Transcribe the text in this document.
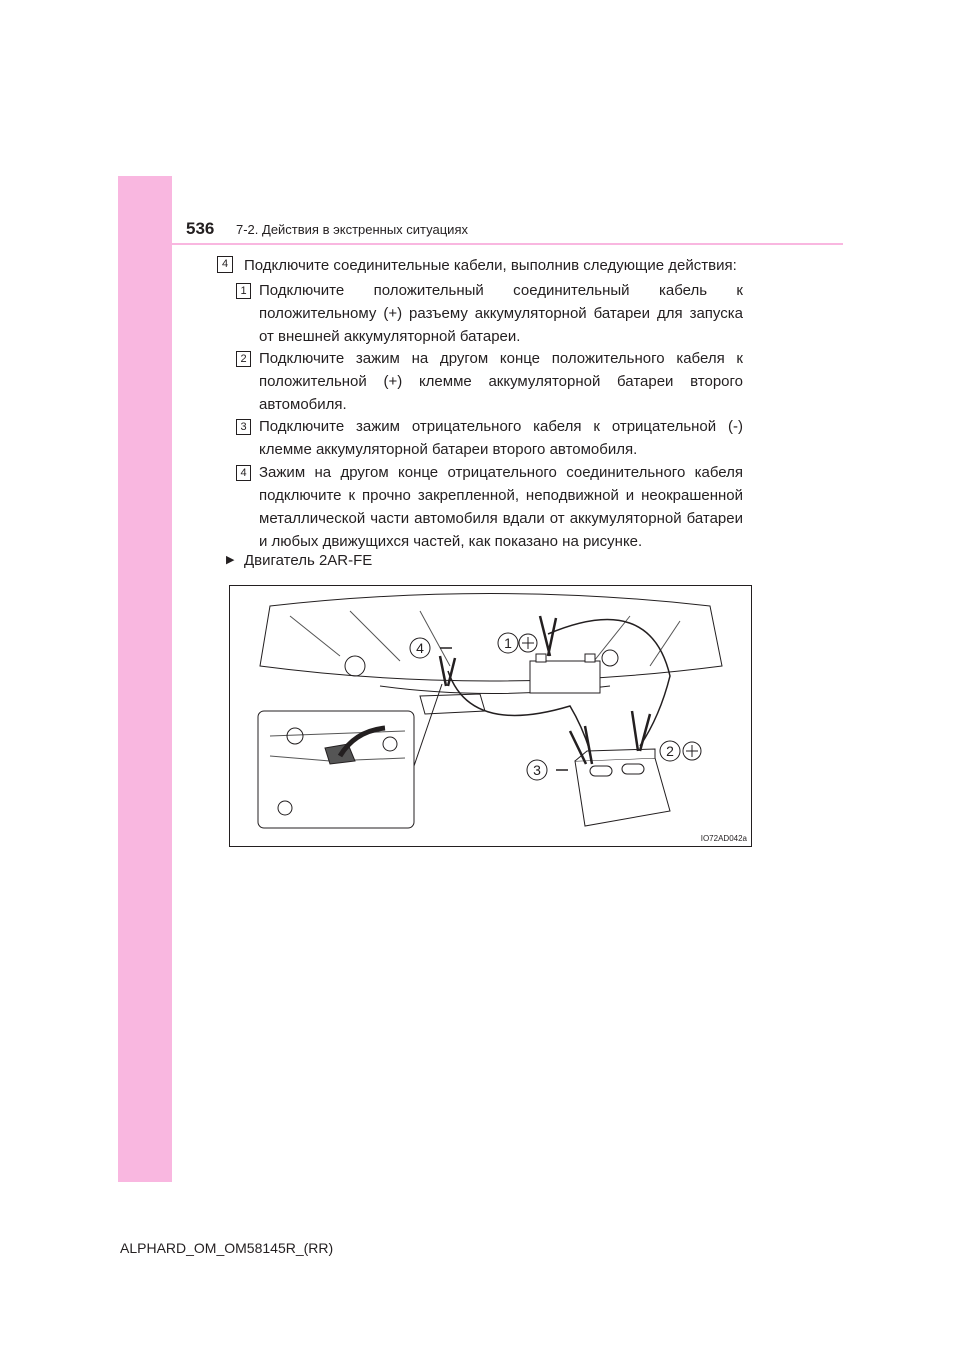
536 7-2. Действия в экстренных ситуациях
4	Подключите соединительные кабели, выполнив следующие действия:
1 Подключите положительный соединительный кабель к положительному (+) разъему аккумуляторной батареи для запуска от внешней аккумуляторной батареи.

2 Подключите зажим на другом конце положительного кабеля к положительной (+) клемме аккумуляторной батареи второго автомобиля.

3 Подключите зажим отрицательного кабеля к отрицательной (-) клемме аккумуляторной батареи второго автомобиля.

4 Зажим на другом конце отрицательного соединительного кабеля подключите к прочно закрепленной, неподвижной и неокрашенной металлической части автомобиля вдали от аккумуляторной батареи и любых движущихся частей, как показано на рисунке.

▶ Двигатель 2AR-FE
4	1
2
3
IO72AD042a
ALPHARD_OM_OM58145R_(RR)
